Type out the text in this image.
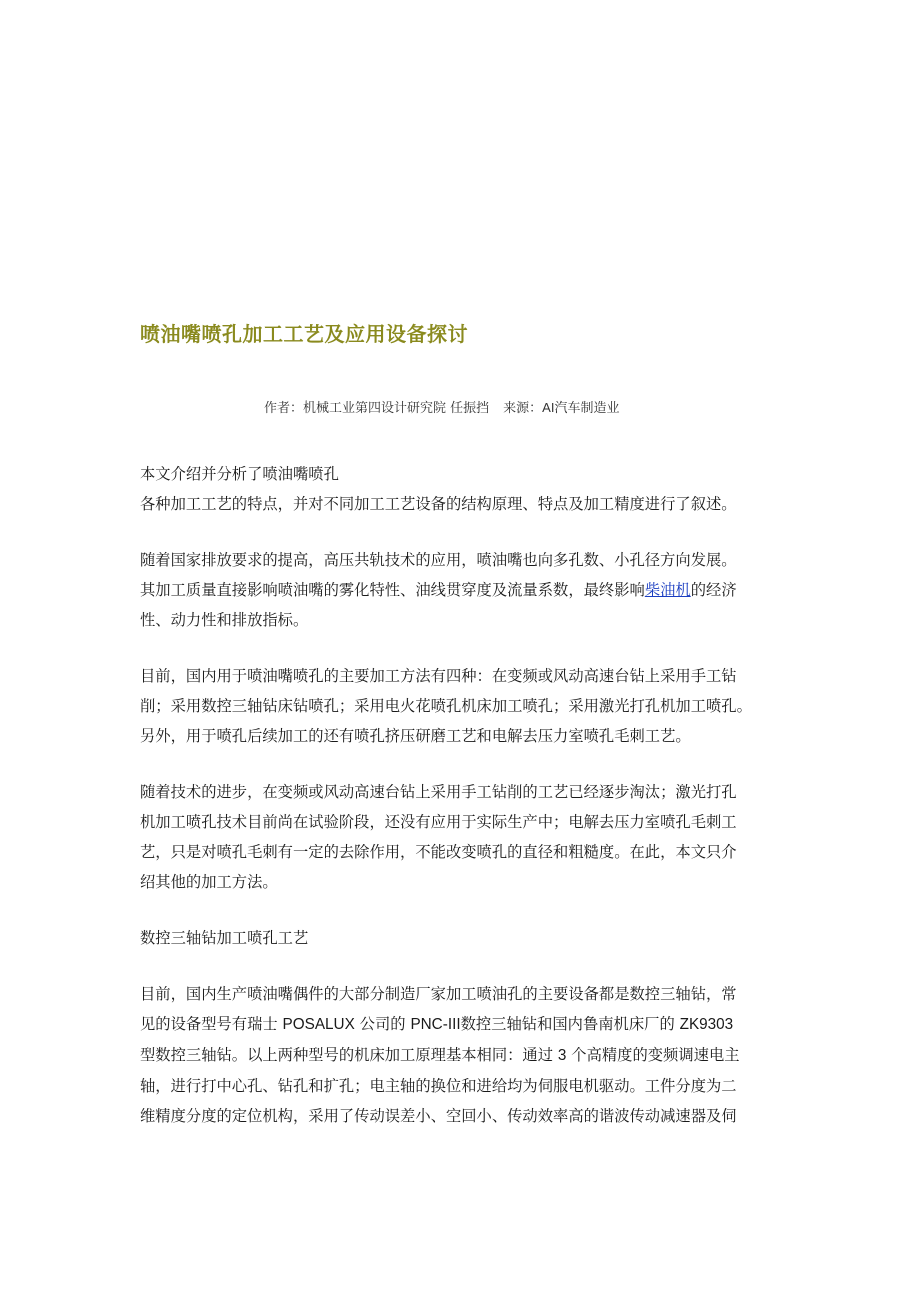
喷油嘴喷孔加工工艺及应用设备探讨
作者：机械工业第四设计研究院 任振挡 来源：AI汽车制造业

本文介绍并分析了喷油嘴喷孔
各种加工工艺的特点，并对不同加工工艺设备的结构原理、特点及加工精度进行了叙述。

随着国家排放要求的提高，高压共轨技术的应用，喷油嘴也向多孔数、小孔径方向发展。
其加工质量直接影响喷油嘴的雾化特性、油线贯穿度及流量系数，最终影响柴油机的经济
性、动力性和排放指标。

目前，国内用于喷油嘴喷孔的主要加工方法有四种：在变频或风动高速台钻上采用手工钻
削；采用数控三轴钻床钻喷孔；采用电火花喷孔机床加工喷孔；采用激光打孔机加工喷孔。
另外，用于喷孔后续加工的还有喷孔挤压研磨工艺和电解去压力室喷孔毛刺工艺。

随着技术的进步，在变频或风动高速台钻上采用手工钻削的工艺已经逐步淘汰；激光打孔
机加工喷孔技术目前尚在试验阶段，还没有应用于实际生产中；电解去压力室喷孔毛刺工
艺，只是对喷孔毛刺有一定的去除作用，不能改变喷孔的直径和粗糙度。在此，本文只介
绍其他的加工方法。

数控三轴钻加工喷孔工艺

目前，国内生产喷油嘴偶件的大部分制造厂家加工喷油孔的主要设备都是数控三轴钻，常
见的设备型号有瑞士 POSALUX 公司的 PNC-III数控三轴钻和国内鲁南机床厂的 ZK9303
型数控三轴钻。以上两种型号的机床加工原理基本相同：通过 3 个高精度的变频调速电主
轴，进行打中心孔、钻孔和扩孔；电主轴的换位和进给均为伺服电机驱动。工件分度为二
维精度分度的定位机构，采用了传动误差小、空回小、传动效率高的谐波传动减速器及伺
